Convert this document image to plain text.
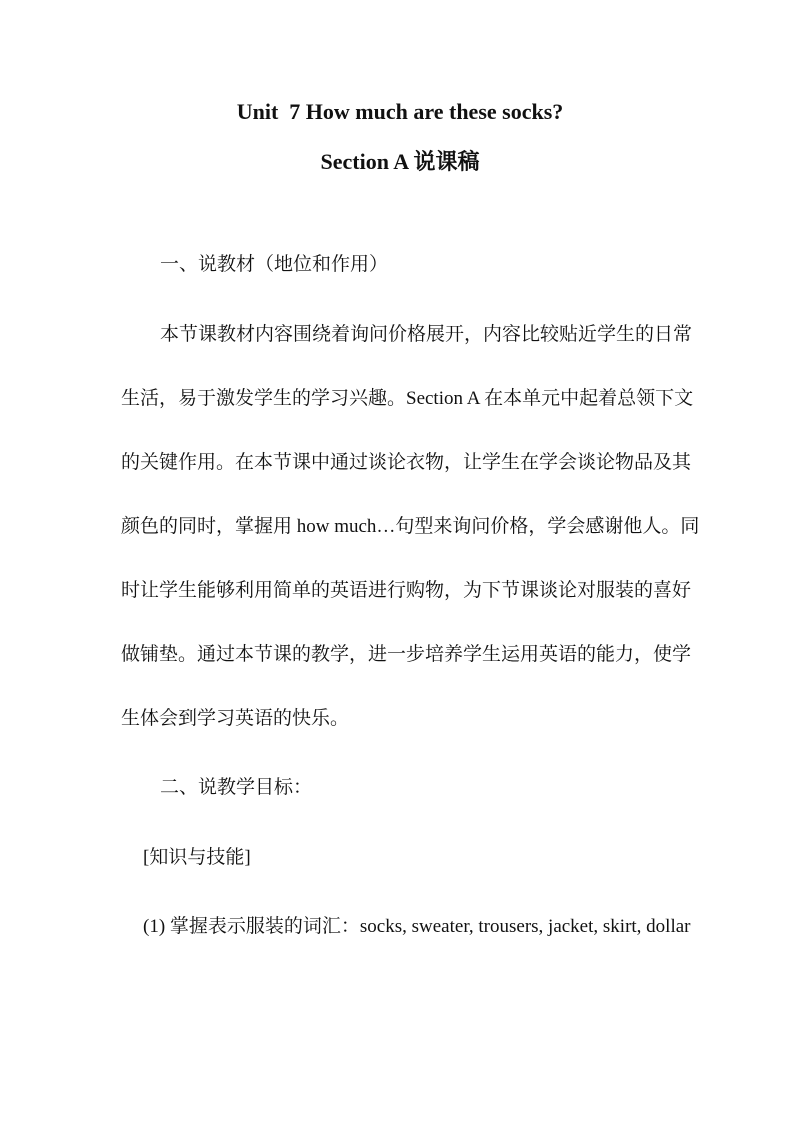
Unit  7 How much are these socks?
Section A 说课稿
一、说教材（地位和作用）
本节课教材内容围绕着询问价格展开，内容比较贴近学生的日常
生活，易于激发学生的学习兴趣。Section A 在本单元中起着总领下文
的关键作用。在本节课中通过谈论衣物，让学生在学会谈论物品及其
颜色的同时，掌握用 how much…句型来询问价格，学会感谢他人。同
时让学生能够利用简单的英语进行购物，为下节课谈论对服装的喜好
做铺垫。通过本节课的教学，进一步培养学生运用英语的能力，使学
生体会到学习英语的快乐。
二、说教学目标：
[知识与技能]
(1) 掌握表示服装的词汇：socks, sweater, trousers, jacket, skirt, dollar
